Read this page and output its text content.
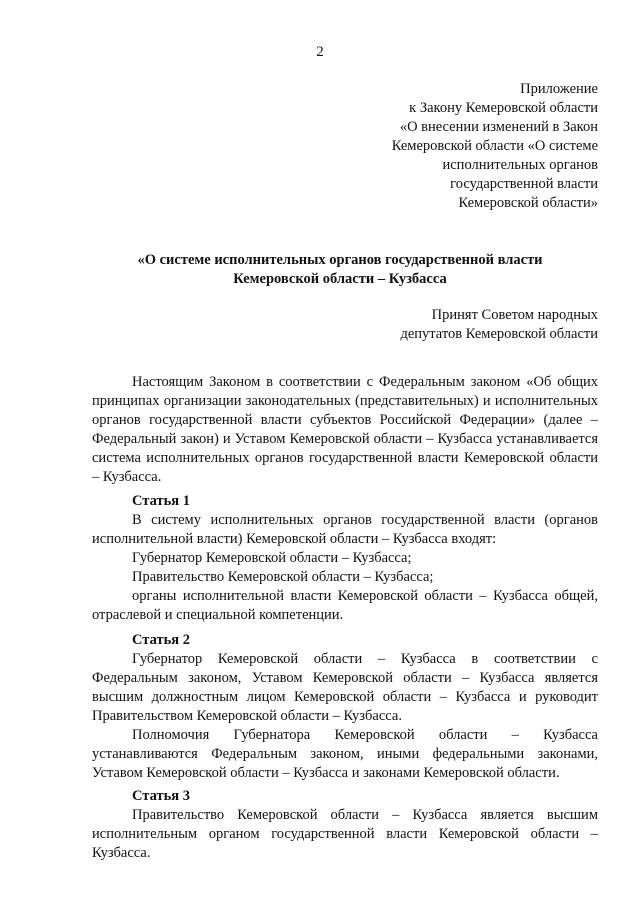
2
Приложение
к Закону Кемеровской области
«О внесении изменений в Закон
Кемеровской области «О системе
исполнительных органов
государственной власти
Кемеровской области»
«О системе исполнительных органов государственной власти
Кемеровской области – Кузбасса
Принят Советом народных
депутатов Кемеровской области

Настоящим Законом в соответствии с Федеральным законом «Об общих принципах организации законодательных (представительных) и исполнительных органов государственной власти субъектов Российской Федерации» (далее – Федеральный закон) и Уставом Кемеровской области – Кузбасса устанавливается система исполнительных органов государственной власти Кемеровской области – Кузбасса.

Статья 1

В систему исполнительных органов государственной власти (органов исполнительной власти) Кемеровской области – Кузбасса входят:

Губернатор Кемеровской области – Кузбасса;

Правительство Кемеровской области – Кузбасса;

органы исполнительной власти Кемеровской области – Кузбасса общей, отраслевой и специальной компетенции.

Статья 2

Губернатор Кемеровской области – Кузбасса в соответствии с Федеральным законом, Уставом Кемеровской области – Кузбасса является высшим должностным лицом Кемеровской области – Кузбасса и руководит Правительством Кемеровской области – Кузбасса.

Полномочия Губернатора Кемеровской области – Кузбасса устанавливаются Федеральным законом, иными федеральными законами, Уставом Кемеровской области – Кузбасса и законами Кемеровской области.

Статья 3

Правительство Кемеровской области – Кузбасса является высшим исполнительным органом государственной власти Кемеровской области – Кузбасса.
